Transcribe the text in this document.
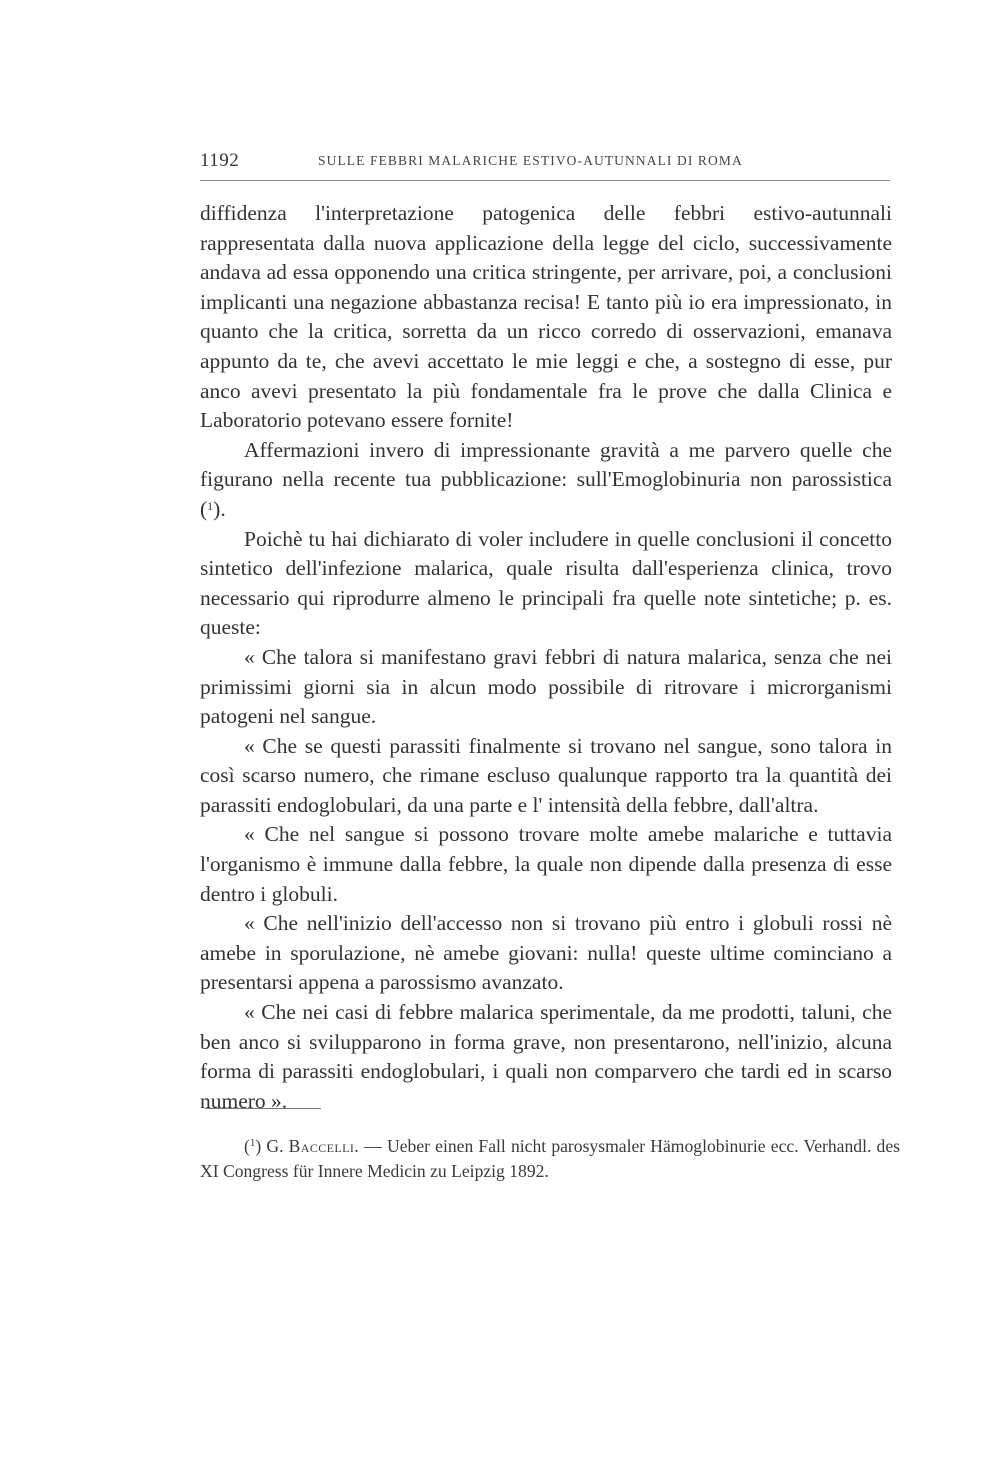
1192	SULLE FEBBRI MALARICHE ESTIVO-AUTUNNALI DI ROMA

diffidenza l'interpretazione patogenica delle febbri estivo-autunnali rappresentata dalla nuova applicazione della legge del ciclo, successivamente andava ad essa opponendo una critica stringente, per arrivare, poi, a conclusioni implicanti una negazione abbastanza recisa! E tanto più io era impressionato, in quanto che la critica, sorretta da un ricco corredo di osservazioni, emanava appunto da te, che avevi accettato le mie leggi e che, a sostegno di esse, pur anco avevi presentato la più fondamentale fra le prove che dalla Clinica e Laboratorio potevano essere fornite!

Affermazioni invero di impressionante gravità a me parvero quelle che figurano nella recente tua pubblicazione: sull'Emoglobinuria non parossistica ($^1$).

Poichè tu hai dichiarato di voler includere in quelle conclusioni il concetto sintetico dell'infezione malarica, quale risulta dall'esperienza clinica, trovo necessario qui riprodurre almeno le principali fra quelle note sintetiche; p. es. queste:

« Che talora si manifestano gravi febbri di natura malarica, senza che nei primissimi giorni sia in alcun modo possibile di ritrovare i microrganismi patogeni nel sangue.

« Che se questi parassiti finalmente si trovano nel sangue, sono talora in così scarso numero, che rimane escluso qualunque rapporto tra la quantità dei parassiti endoglobulari, da una parte e l' intensità della febbre, dall'altra.

« Che nel sangue si possono trovare molte amebe malariche e tuttavia l'organismo è immune dalla febbre, la quale non dipende dalla presenza di esse dentro i globuli.

« Che nell'inizio dell'accesso non si trovano più entro i globuli rossi nè amebe in sporulazione, nè amebe giovani: nulla! queste ultime cominciano a presentarsi appena a parossismo avanzato.

« Che nei casi di febbre malarica sperimentale, da me prodotti, taluni, che ben anco si svilupparono in forma grave, non presentarono, nell'inizio, alcuna forma di parassiti endoglobulari, i quali non comparvero che tardi ed in scarso numero ».

($^1$) G. Baccelli. — Ueber einen Fall nicht parosysmaler Hämoglobinurie ecc. Verhandl. des XI Congress für Innere Medicin zu Leipzig 1892.
